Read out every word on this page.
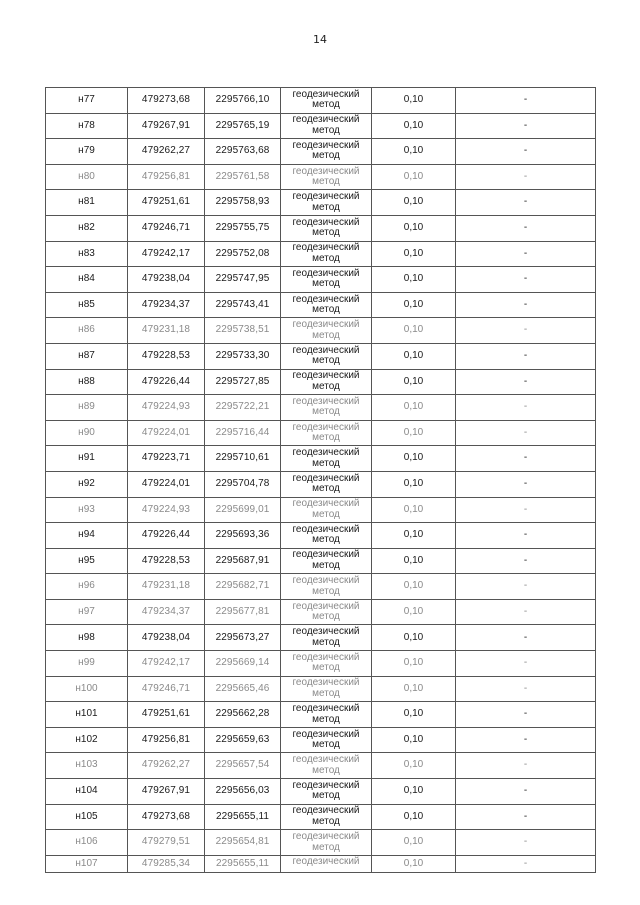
14
н77	479273,68	2295766,10	геодезический метод	0,10	-
н78	479267,91	2295765,19	геодезический метод	0,10	-
н79	479262,27	2295763,68	геодезический метод	0,10	-
н80	479256,81	2295761,58	геодезический метод	0,10	-
н81	479251,61	2295758,93	геодезический метод	0,10	-
н82	479246,71	2295755,75	геодезический метод	0,10	-
н83	479242,17	2295752,08	геодезический метод	0,10	-
н84	479238,04	2295747,95	геодезический метод	0,10	-
н85	479234,37	2295743,41	геодезический метод	0,10	-
н86	479231,18	2295738,51	геодезический метод	0,10	-
н87	479228,53	2295733,30	геодезический метод	0,10	-
н88	479226,44	2295727,85	геодезический метод	0,10	-
н89	479224,93	2295722,21	геодезический метод	0,10	-
н90	479224,01	2295716,44	геодезический метод	0,10	-
н91	479223,71	2295710,61	геодезический метод	0,10	-
н92	479224,01	2295704,78	геодезический метод	0,10	-
н93	479224,93	2295699,01	геодезический метод	0,10	-
н94	479226,44	2295693,36	геодезический метод	0,10	-
н95	479228,53	2295687,91	геодезический метод	0,10	-
н96	479231,18	2295682,71	геодезический метод	0,10	-
н97	479234,37	2295677,81	геодезический метод	0,10	-
н98	479238,04	2295673,27	геодезический метод	0,10	-
н99	479242,17	2295669,14	геодезический метод	0,10	-
н100	479246,71	2295665,46	геодезический метод	0,10	-
н101	479251,61	2295662,28	геодезический метод	0,10	-
н102	479256,81	2295659,63	геодезический метод	0,10	-
н103	479262,27	2295657,54	геодезический метод	0,10	-
н104	479267,91	2295656,03	геодезический метод	0,10	-
н105	479273,68	2295655,11	геодезический метод	0,10	-
н106	479279,51	2295654,81	геодезический метод	0,10	-
н107	479285,34	2295655,11	геодезический	0,10	-
